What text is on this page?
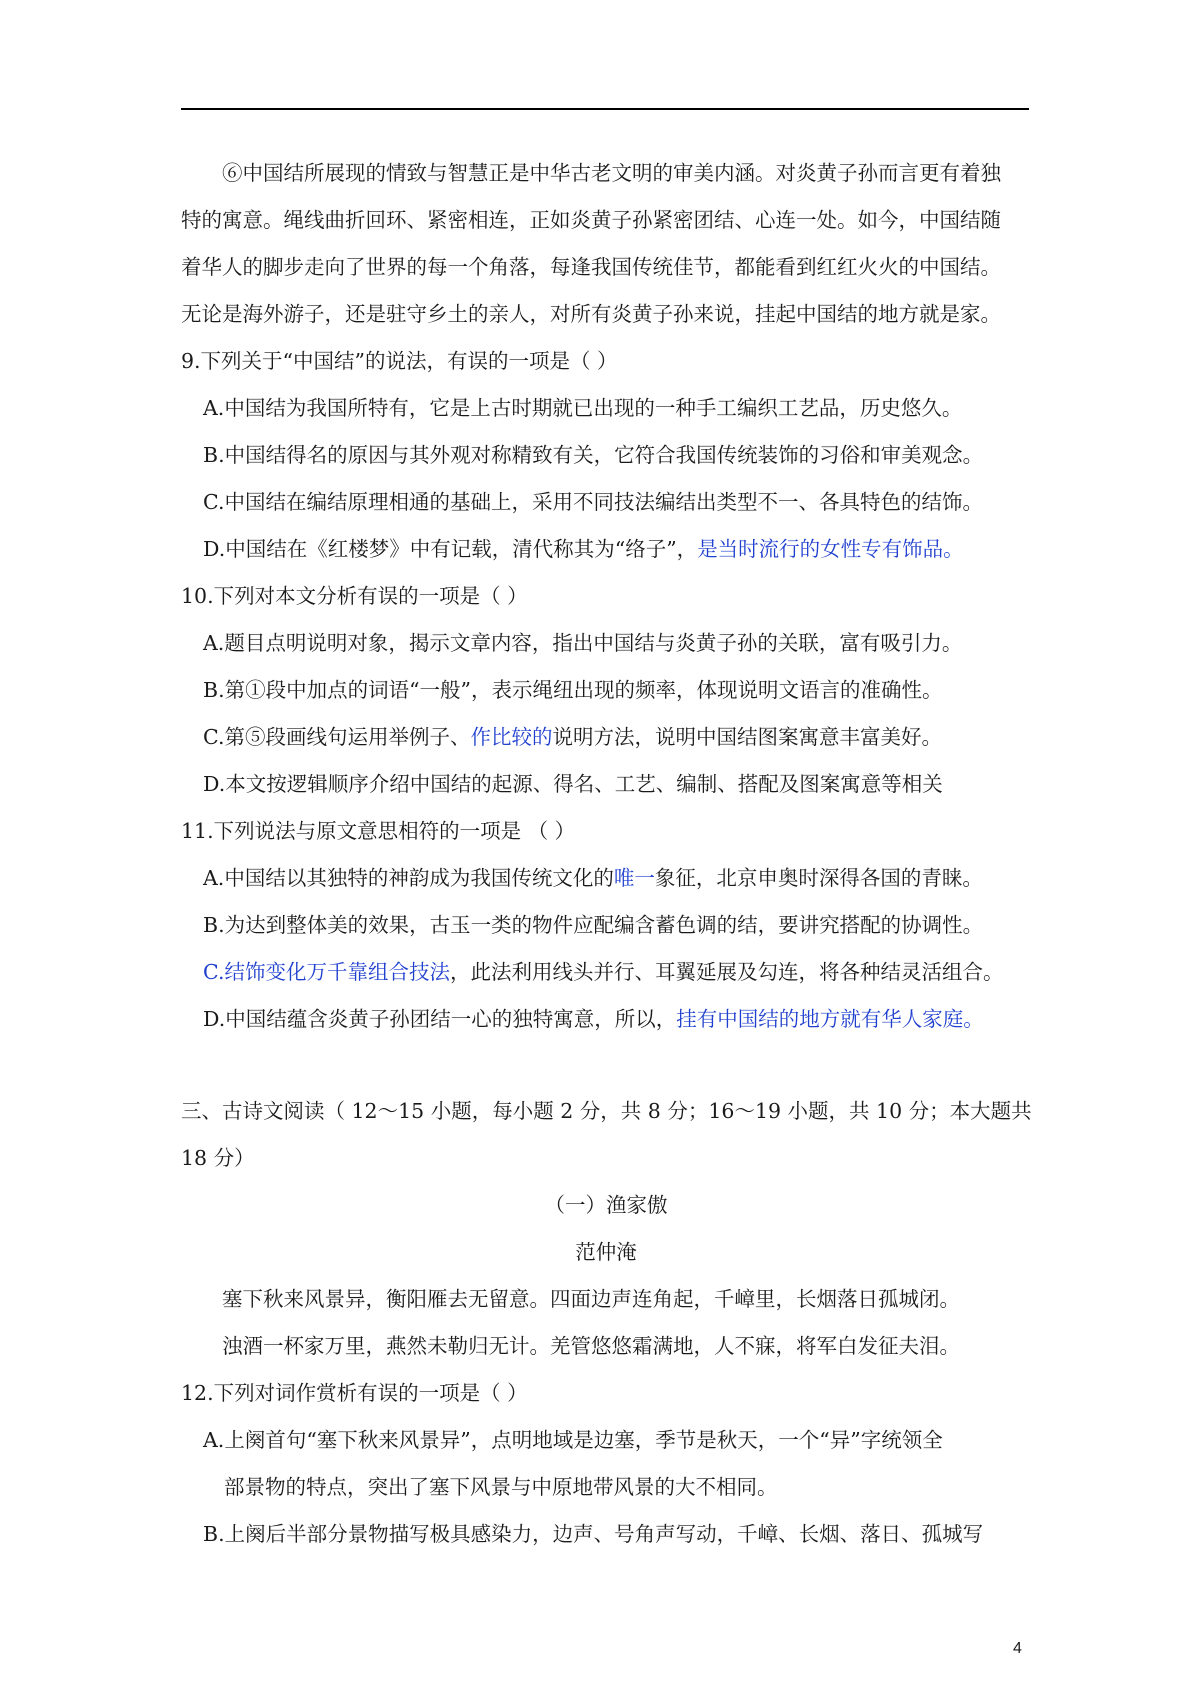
⑥中国结所展现的情致与智慧正是中华古老文明的审美内涵。对炎黄子孙而言更有着独
特的寓意。绳线曲折回环、紧密相连，正如炎黄子孙紧密团结、心连一处。如今，中国结随
着华人的脚步走向了世界的每一个角落，每逢我国传统佳节，都能看到红红火火的中国结。
无论是海外游子，还是驻守乡土的亲人，对所有炎黄子孙来说，挂起中国结的地方就是家。
9.下列关于“中国结”的说法，有误的一项是（ ）
A.中国结为我国所特有，它是上古时期就已出现的一种手工编织工艺品，历史悠久。
B.中国结得名的原因与其外观对称精致有关，它符合我国传统装饰的习俗和审美观念。
C.中国结在编结原理相通的基础上，采用不同技法编结出类型不一、各具特色的结饰。
D.中国结在《红楼梦》中有记载，清代称其为“络子”，是当时流行的女性专有饰品。
10.下列对本文分析有误的一项是（ ）
A.题目点明说明对象，揭示文章内容，指出中国结与炎黄子孙的关联，富有吸引力。
B.第①段中加点的词语“一般”，表示绳纽出现的频率，体现说明文语言的准确性。
C.第⑤段画线句运用举例子、作比较的说明方法，说明中国结图案寓意丰富美好。
D.本文按逻辑顺序介绍中国结的起源、得名、工艺、编制、搭配及图案寓意等相关
11.下列说法与原文意思相符的一项是 （ ）
A.中国结以其独特的神韵成为我国传统文化的唯一象征，北京申奥时深得各国的青睐。
B.为达到整体美的效果，古玉一类的物件应配编含蓄色调的结，要讲究搭配的协调性。
C.结饰变化万千靠组合技法，此法利用线头并行、耳翼延展及勾连，将各种结灵活组合。
D.中国结蕴含炎黄子孙团结一心的独特寓意，所以，挂有中国结的地方就有华人家庭。
三、古诗文阅读（ 12～15 小题，每小题 2 分，共 8 分；16～19 小题，共 10 分；本大题共
18 分）
（一）渔家傲
范仲淹
塞下秋来风景异，衡阳雁去无留意。四面边声连角起，千嶂里，长烟落日孤城闭。
浊酒一杯家万里，燕然未勒归无计。羌管悠悠霜满地，人不寐，将军白发征夫泪。
12.下列对词作赏析有误的一项是（ ）
A.上阕首句“塞下秋来风景异”，点明地域是边塞，季节是秋天，一个“异”字统领全
部景物的特点，突出了塞下风景与中原地带风景的大不相同。
B.上阕后半部分景物描写极具感染力，边声、号角声写动，千嶂、长烟、落日、孤城写
4
